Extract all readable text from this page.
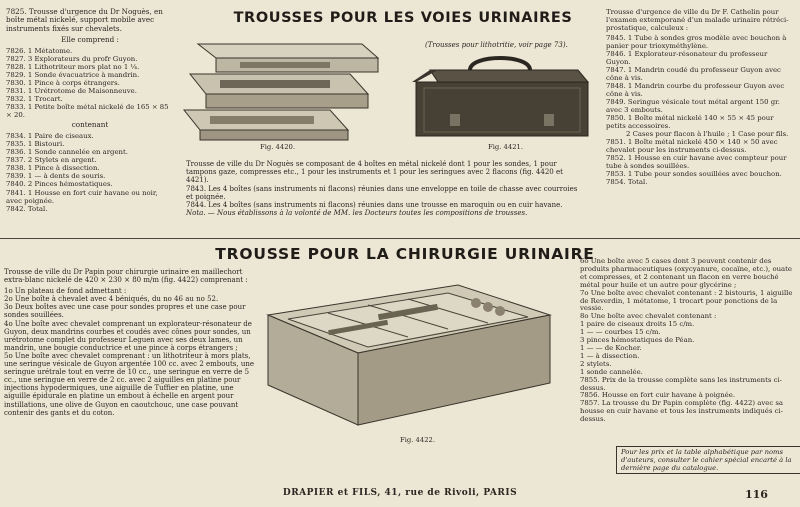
7825. Trousse d'urgence du Dr Noguès, en boîte métal nickelé, support mobile avec instruments fixés sur chevalets.

Elle comprend :

7826. 1 Métatome.
7827. 3 Explorateurs du profr Guyon.
7828. 1 Lithotriteur mors plat no 1 ¼.
7829. 1 Sonde évacuatrice à mandrin.
7830. 1 Pince à corps étrangers.
7831. 1 Urétrotome de Maisonneuve.
7832. 1 Trocart.
7833. 1 Petite boîte métal nickelé de 165 × 85 × 20.

contenant

7834. 1 Paire de ciseaux.
7835. 1 Bistouri.
7836. 1 Sonde cannelée en argent.
7837. 2 Stylets en argent.
7838. 1 Pince à dissection.
7839. 1 — à dents de souris.
7840. 2 Pinces hémostatiques.
7841. 1 Housse en fort cuir havane ou noir, avec poignée.
7842. Total.
TROUSSES POUR LES VOIES URINAIRES
(Trousses pour lithotritie, voir page 73).
Fig. 4420.	Fig. 4421.

Trousse de ville du Dr Noguès se composant de 4 boîtes en métal nickelé dont 1 pour les sondes, 1 pour tampons gaze, compresses etc., 1 pour les instruments et 1 pour les seringues avec 2 flacons (fig. 4420 et 4421).

7843. Les 4 boîtes (sans instruments ni flacons) réunies dans une enveloppe en toile de chasse avec courroies et poignée.

7844. Les 4 boîtes (sans instruments ni flacons) réunies dans une trousse en maroquin ou en cuir havane.

Nota. — Nous établissons à la volonté de MM. les Docteurs toutes les compositions de trousses.

Trousse d'urgence de ville du Dr F. Cathelin pour l'examen extemporané d'un malade urinaire rétréci-prostatique, calculeux :

7845. 1 Tube à sondes gros modèle avec bouchon à panier pour trioxyméthylène.
7846. 1 Explorateur-résonateur du professeur Guyon.
7847. 1 Mandrin coudé du professeur Guyon avec cône à vis.
7848. 1 Mandrin courbe du professeur Guyon avec cône à vis.
7849. Seringue vésicale tout métal argent 150 gr. avec 3 embouts.
7850. 1 Boîte métal nickelé 140 × 55 × 45 pour petits accessoires.
2 Cases pour flacon à l'huile ; 1 Case pour fils.
7851. 1 Boîte métal nickelé 450 × 140 × 50 avec chevalet pour les instruments ci-dessus.
7852. 1 Housse en cuir havane avec compteur pour tube à sondes souillées.
7853. 1 Tube pour sondes souillées avec bouchon.
7854. Total.
TROUSSE POUR LA CHIRURGIE URINAIRE

Trousse de ville du Dr Papin pour chirurgie urinaire en maillechort extra-blanc nickelé de 420 × 230 × 80 m/m (fig. 4422) comprenant :

1o Un plateau de fond admettant :

2o Une boîte à chevalet avec 4 béniqués, du no 46 au no 52.

3o Deux boîtes avec une case pour sondes propres et une case pour sondes souillées.

4o Une boîte avec chevalet comprenant un explorateur-résonateur de Guyon, deux mandrins courbes et coudés avec cônes pour sondes, un urétrotome complet du professeur Leguen avec ses deux lames, un mandrin, une bougie conductrice et une pince à corps étrangers ;

5o Une boîte avec chevalet comprenant : un lithotriteur à mors plats, une seringue vésicale de Guyon argentée 100 cc. avec 2 embouts, une seringue urétrale tout en verre de 10 cc., une seringue en verre de 5 cc., une seringue en verre de 2 cc. avec 2 aiguilles en platine pour injections hypodermiques, une aiguille de Tuffier en platine, une aiguille épidurale en platine un embout à échelle en argent pour instillations, une olive de Guyon en caoutchouc, une case pouvant contenir des gants et du coton.

Fig. 4422.

6o Une boîte avec 5 cases dont 3 peuvent contenir des produits pharmaceutiques (oxycyanure, cocaïne, etc.), ouate et compresses, et 2 contenant un flacon en verre bouché métal pour huile et un autre pour glycérine ;

7o Une boîte avec chevalet contenant : 2 bistouris, 1 aiguille de Reverdin, 1 métatome, 1 trocart pour ponctions de la vessie.

8o Une boîte avec chevalet contenant :

1 paire de ciseaux droits 15 c/m.
1 — — courbes 15 c/m.
3 pinces hémostatiques de Péan.
1 — — de Kocher.
1 — à dissection.
2 stylets.
1 sonde cannelée.
7855. Prix de la trousse complète sans les instruments ci-dessus.
7856. Housse en fort cuir havane à poignée.
7857. La trousse du Dr Papin complète (fig. 4422) avec sa housse en cuir havane et tous les instruments indiqués ci-dessus.
Pour les prix et la table alphabétique par noms d'auteurs, consulter le cahier spécial encarté à la dernière page du catalogue.
DRAPIER et FILS, 41, rue de Rivoli, PARIS	116
